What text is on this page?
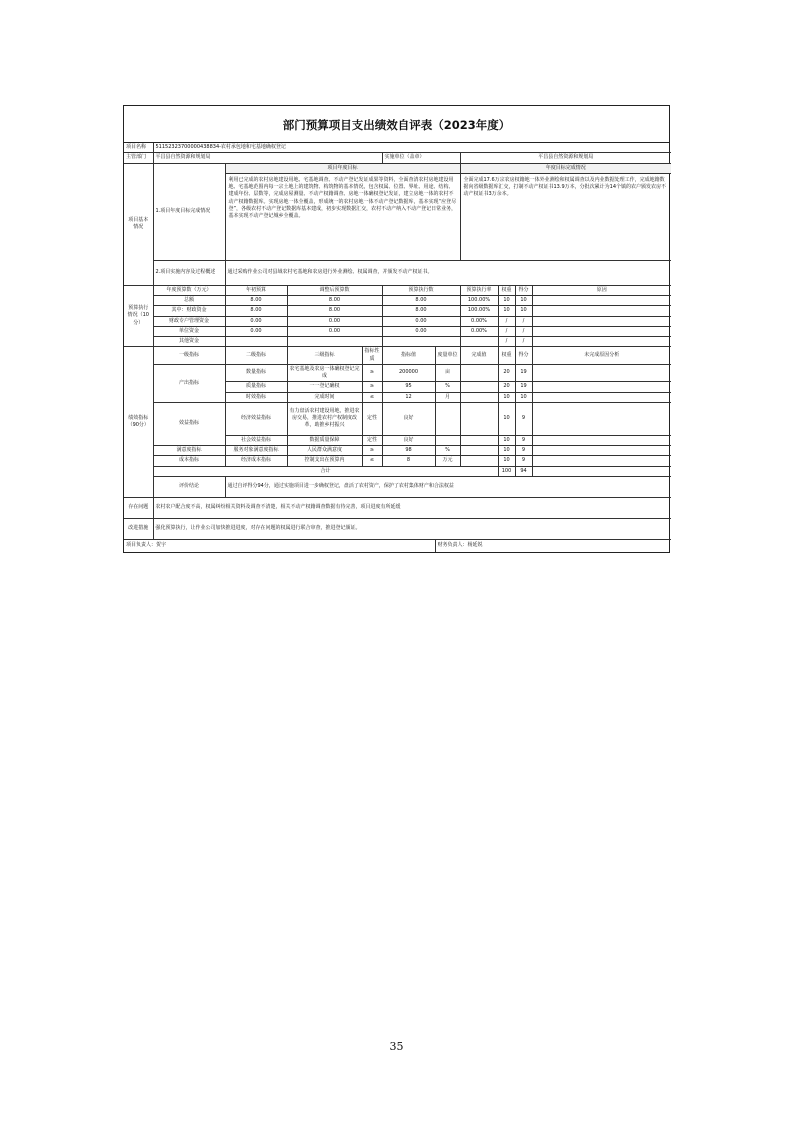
部门预算项目支出绩效自评表（2023年度）
项目名称	51152323700000438834-农村承包地和宅基地确权登记									
主管部门	平昌县自然资源和规划局				实施单位（盖章）		平昌县自然资源和规划局			
项目基本情况	1.项目年度目标完成情况	项目年度目标					年度目标完成情况			
		利用已完成的农村房地建设用地、宅基地调查、不动产登记发证成果等资料，全面查清农村房地建设用地、宅基地范围内每一宗土地上的建筑物、构筑物的基本情况，包含权属、位置、界址、用途、结构、建成年份、层数等，完成房屋测量、不动产权籍调查、房地一体确权登记发证，建立房地一体的农村不动产权籍数据库。实现房地一体全覆盖，形成统一的农村房地一体不动产登记数据库，基本实现“应登尽登”，各级农村不动产登记数据库基本建成，初步实现数据汇交，农村不动产纳入不动产登记日常业务，基本实现不动产登记城乡全覆盖。					全面完成17.6万宗农房权籍地一体外业测绘和权属调查以及内业数据处理工作，完成地籍数据向省级数据库汇交，打制不动产权证书13.9万本，分批次累计为14个镇的农户颁发农房不动产权证书3万余本。			
	2.项目实施内容及过程概述	通过采购作业公司对县域农村宅基地和农房进行外业测绘、权属调查，并颁发不动产权证书。								
预算执行情况（10分）	年度预算数（万元）	年初预算	调整后预算数		预算执行数		预算执行率	权重	得分	原因
	总额	8.00	8.00		8.00		100.00%	10	10	
	其中：财政资金	8.00	8.00		8.00		100.00%	10	10	
	财政专户管理资金	0.00	0.00		0.00		0.00%	/	/	
	单位资金	0.00	0.00		0.00		0.00%	/	/	
	其他资金							/	/	
绩效指标（90分）	一级指标	二级指标	三级指标	指标性质	指标值	度量单位	完成值	权重	得分	未完成原因分析
	产出指标	数量指标	农宅基地及农房一体确权登记完成	≥	200000	亩		20	19	
		质量指标	一一登记确权	≥	95	%		20	19	
		时效指标	完成时间	≤	12	月		10	10	
	效益指标	经济效益指标	有力盘活农村建设用地，推进农房交易，推进农村产权制度改革，助推乡村振兴	定性	良好			10	9	
		社会效益指标	数据质量保障	定性	良好			10	9	
	满意度指标	服务对象满意度指标	人民群众满意度	≥	98	%		10	9	
	成本指标	经济成本指标	控制支出在预算内	≤	8	万元		10	9	
	合计							100	94	
	评价结论	通过自评得分94分，通过实施项目进一步确权登记，盘活了农村资产，保护了农村集体财产和合法权益								
存在问题	农村农户配合度不高，权属纠纷相关资料及调查不清楚，相关不动产权籍调查数据有待完善，项目进度有所延缓									
改进措施	强化预算执行，让作业公司加快推进进度，对存在问题的权属进行联合审查，推进登记颁证。									
项目负责人：贺宇						财务负责人：杨延锐				
35
